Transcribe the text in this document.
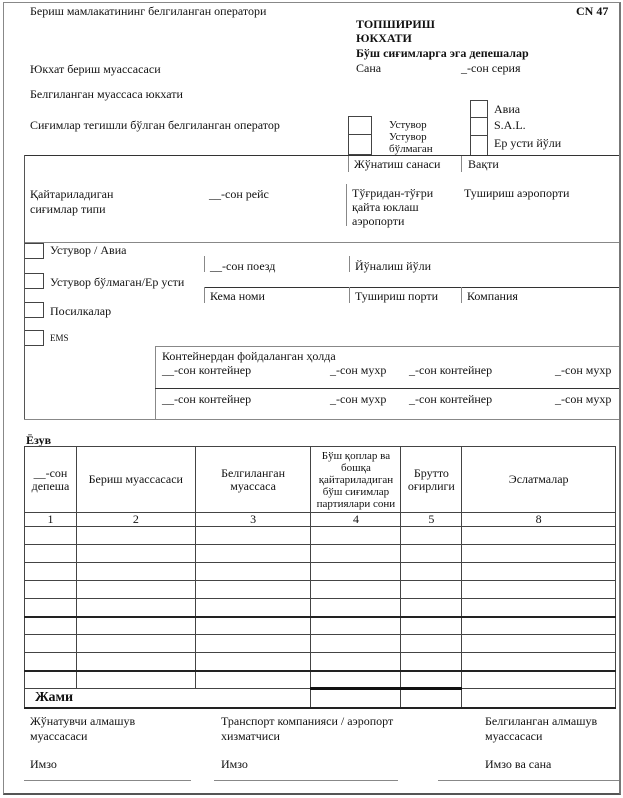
Бериш мамлакатининг белгиланган оператори	CN 47
ТОПШИРИШ
ЮКХАТИ
Бўш сиғимларга эга депешалар
Сана	_-сон серия
Юкхат бериш муассасаси
Белгиланган муассаса юкхати
Сиғимлар тегишли бўлган белгиланган оператор	Устувор
Устувор
бўлмаган
Авиа
S.A.L.
Ер усти йўли
Жўнатиш санаси Вақти
Қайтариладиган
сиғимлар типи
__-сон рейс	Тўғридан-тўғри
қайта юклаш
аэропорти
Тушириш аэропорти
Устувор / Авиа
Устувор бўлмаган/Ер усти
Посилкалар
EMS
__-сон поезд	Йўналиш йўли
Кема номи	Тушириш порти Компания
Контейнердан фойдаланган ҳолда
__-сон контейнер	_-сон мухр _-сон контейнер	_-сон мухр
__-сон контейнер	_-сон мухр _-сон контейнер	_-сон мухр
Ёзув
__-сон депеша	Бериш муассасаси	Белгиланган муассаса	Бўш қоплар ва бошқа қайтариладиган бўш сиғимлар партиялари сони	Брутто оғирлиги	Эслатмалар
1	2	3	4	5	8

Жами					
Жўнатувчи алмашув муассасаси
Транспорт компанияси / аэропорт хизматчиси
Белгиланган алмашув муассасаси
Имзо	Имзо	Имзо ва сана
